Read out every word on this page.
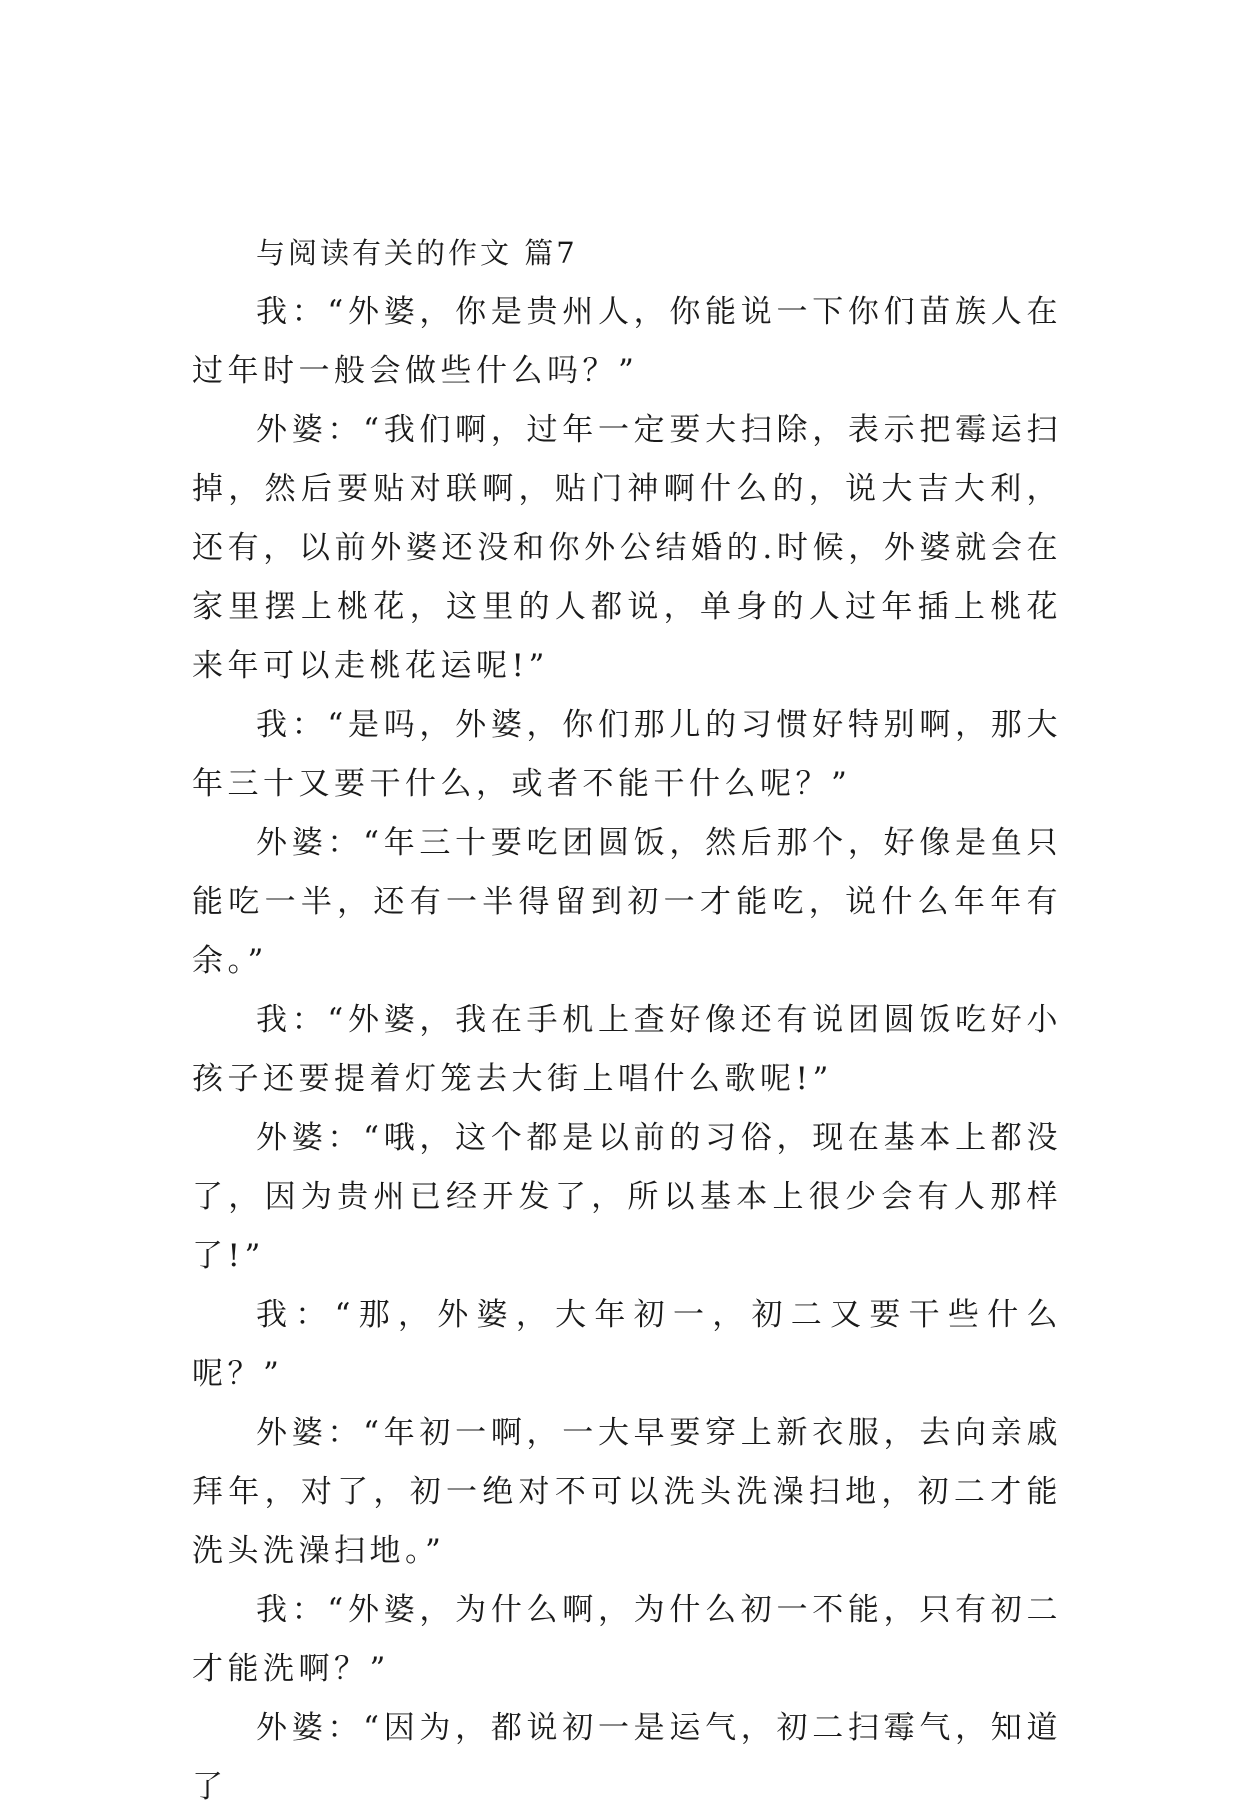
与阅读有关的作文 篇7

我：“外婆，你是贵州人，你能说一下你们苗族人在过年时一般会做些什么吗？”

外婆：“我们啊，过年一定要大扫除，表示把霉运扫掉，然后要贴对联啊，贴门神啊什么的，说大吉大利，还有，以前外婆还没和你外公结婚的.时候，外婆就会在家里摆上桃花，这里的人都说，单身的人过年插上桃花来年可以走桃花运呢!”

我：“是吗，外婆，你们那儿的习惯好特别啊，那大年三十又要干什么，或者不能干什么呢？”

外婆：“年三十要吃团圆饭，然后那个，好像是鱼只能吃一半，还有一半得留到初一才能吃，说什么年年有余。”

我：“外婆，我在手机上查好像还有说团圆饭吃好小孩子还要提着灯笼去大街上唱什么歌呢!”

外婆：“哦，这个都是以前的习俗，现在基本上都没了，因为贵州已经开发了，所以基本上很少会有人那样了!”

我：“那，外婆，大年初一，初二又要干些什么呢？”

外婆：“年初一啊，一大早要穿上新衣服，去向亲戚拜年，对了，初一绝对不可以洗头洗澡扫地，初二才能洗头洗澡扫地。”

我：“外婆，为什么啊，为什么初一不能，只有初二才能洗啊？”

外婆：“因为，都说初一是运气，初二扫霉气，知道了
